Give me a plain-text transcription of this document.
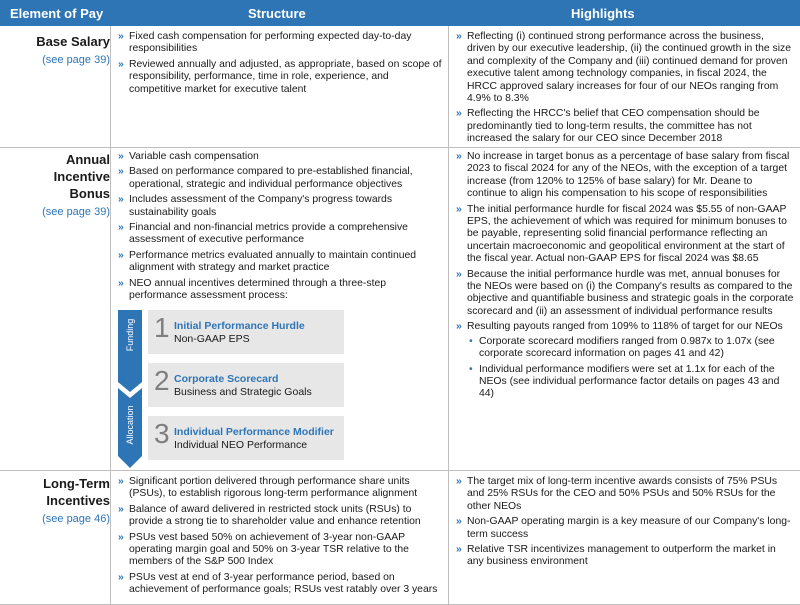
Element of Pay	Structure	Highlights
Base Salary
(see page 39)
» Fixed cash compensation for performing expected day-to-day responsibilities
» Reviewed annually and adjusted, as appropriate, based on scope of responsibility, performance, time in role, experience, and competitive market for executive talent
» Reflecting (i) continued strong performance across the business, driven by our executive leadership, (ii) the continued growth in the size and complexity of the Company and (iii) continued demand for proven executive talent among technology companies, in fiscal 2024, the HRCC approved salary increases for four of our NEOs ranging from 4.9% to 8.3%
» Reflecting the HRCC's belief that CEO compensation should be predominantly tied to long-term results, the committee has not increased the salary for our CEO since December 2018
Annual
Incentive
Bonus
(see page 39)
» Variable cash compensation
» Based on performance compared to pre-established financial, operational, strategic and individual performance objectives
» Includes assessment of the Company's progress towards sustainability goals
» Financial and non-financial metrics provide a comprehensive assessment of executive performance
» Performance metrics evaluated annually to maintain continued alignment with strategy and market practice
» NEO annual incentives determined through a three-step performance assessment process:
Funding
Allocation
1 Initial Performance Hurdle
Non-GAAP EPS
2 Corporate Scorecard
Business and Strategic Goals
3 Individual Performance Modifier
Individual NEO Performance
» No increase in target bonus as a percentage of base salary from fiscal 2023 to fiscal 2024 for any of the NEOs, with the exception of a target increase (from 120% to 125% of base salary) for Mr. Deane to continue to align his compensation to his scope of responsibilities
» The initial performance hurdle for fiscal 2024 was $5.55 of non-GAAP EPS, the achievement of which was required for minimum bonuses to be payable, representing solid financial performance reflecting an uncertain macroeconomic and geopolitical environment at the start of the fiscal year. Actual non-GAAP EPS for fiscal 2024 was $8.65
» Because the initial performance hurdle was met, annual bonuses for the NEOs were based on (i) the Company's results as compared to the objective and quantifiable business and strategic goals in the corporate scorecard and (ii) an assessment of individual performance results
» Resulting payouts ranged from 109% to 118% of target for our NEOs
• Corporate scorecard modifiers ranged from 0.987x to 1.07x (see corporate scorecard information on pages 41 and 42)
• Individual performance modifiers were set at 1.1x for each of the NEOs (see individual performance factor details on pages 43 and 44)
Long-Term
Incentives
(see page 46)
» Significant portion delivered through performance share units (PSUs), to establish rigorous long-term performance alignment
» Balance of award delivered in restricted stock units (RSUs) to provide a strong tie to shareholder value and enhance retention
» PSUs vest based 50% on achievement of 3-year non-GAAP operating margin goal and 50% on 3-year TSR relative to the members of the S&P 500 Index
» PSUs vest at end of 3-year performance period, based on achievement of performance goals; RSUs vest ratably over 3 years
» The target mix of long-term incentive awards consists of 75% PSUs and 25% RSUs for the CEO and 50% PSUs and 50% RSUs for the other NEOs
» Non-GAAP operating margin is a key measure of our Company's long-term success
» Relative TSR incentivizes management to outperform the market in any business environment
